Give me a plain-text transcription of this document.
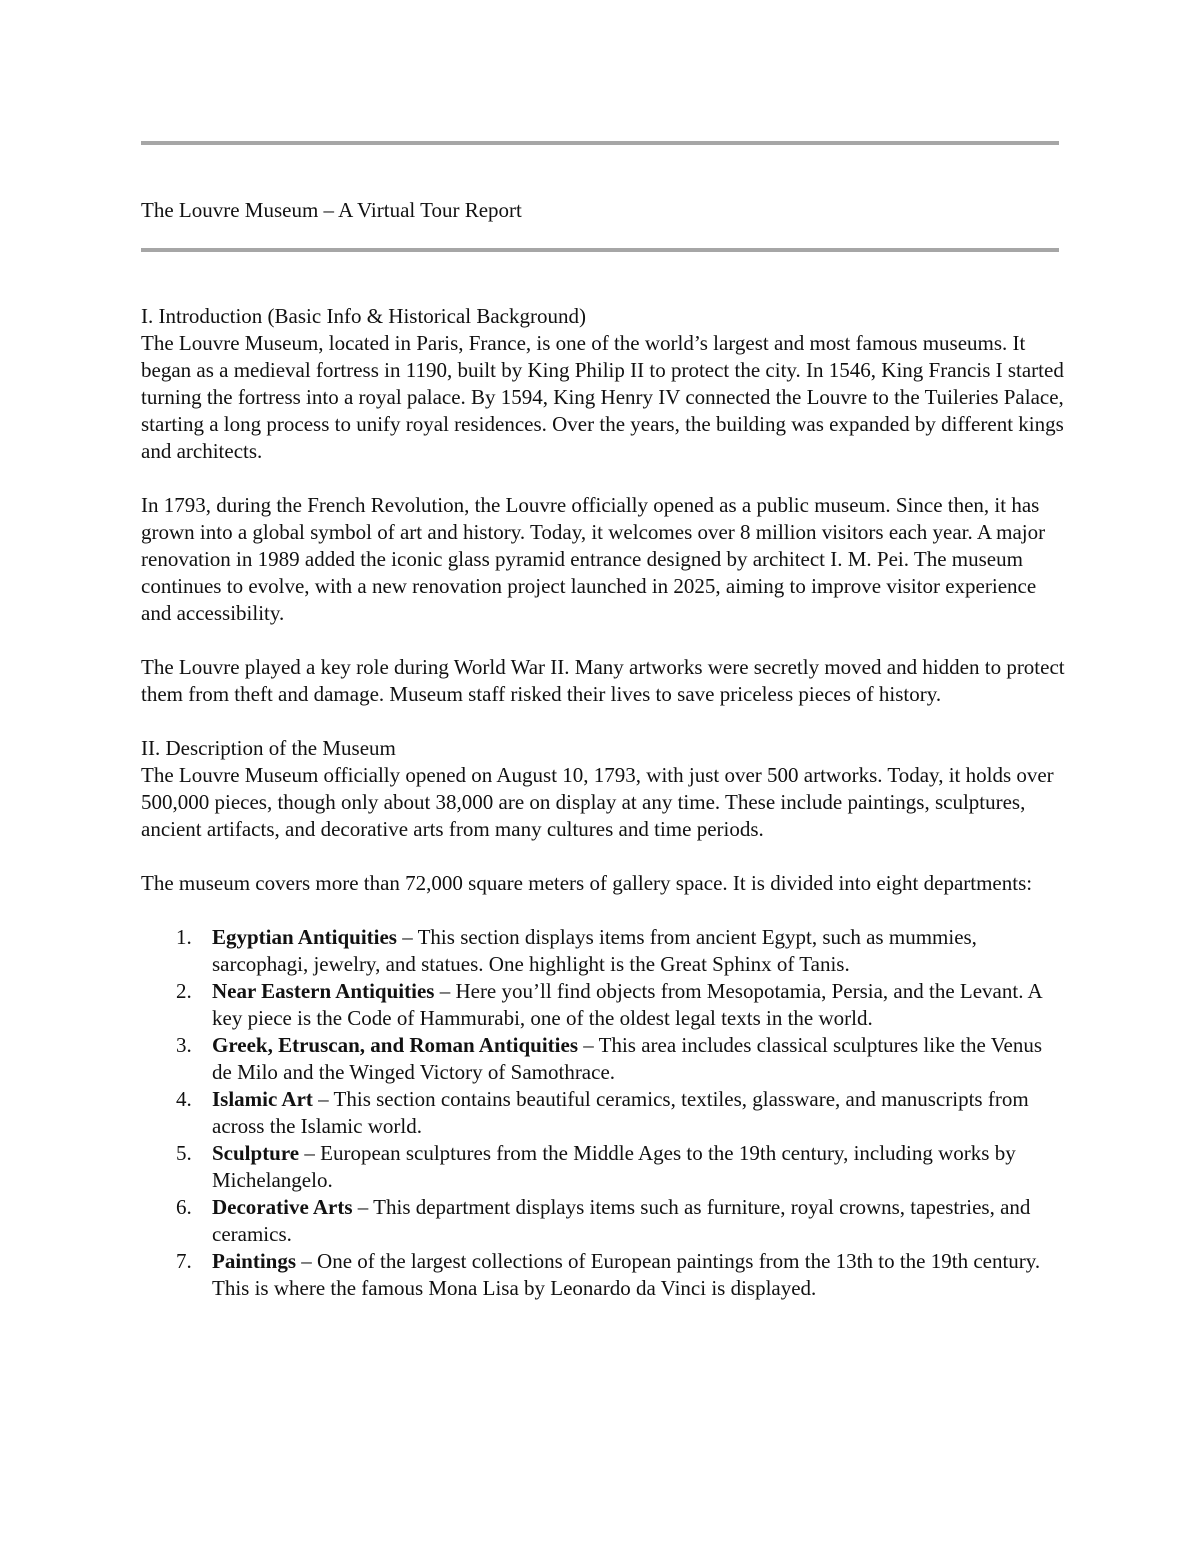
The Louvre Museum – A Virtual Tour Report

I. Introduction (Basic Info & Historical Background)
The Louvre Museum, located in Paris, France, is one of the world’s largest and most famous museums. It began as a medieval fortress in 1190, built by King Philip II to protect the city. In 1546, King Francis I started turning the fortress into a royal palace. By 1594, King Henry IV connected the Louvre to the Tuileries Palace, starting a long process to unify royal residences. Over the years, the building was expanded by different kings and architects.

In 1793, during the French Revolution, the Louvre officially opened as a public museum. Since then, it has grown into a global symbol of art and history. Today, it welcomes over 8 million visitors each year. A major renovation in 1989 added the iconic glass pyramid entrance designed by architect I. M. Pei. The museum continues to evolve, with a new renovation project launched in 2025, aiming to improve visitor experience and accessibility.

The Louvre played a key role during World War II. Many artworks were secretly moved and hidden to protect them from theft and damage. Museum staff risked their lives to save priceless pieces of history.

II. Description of the Museum
The Louvre Museum officially opened on August 10, 1793, with just over 500 artworks. Today, it holds over 500,000 pieces, though only about 38,000 are on display at any time. These include paintings, sculptures, ancient artifacts, and decorative arts from many cultures and time periods.

The museum covers more than 72,000 square meters of gallery space. It is divided into eight departments:

1. Egyptian Antiquities – This section displays items from ancient Egypt, such as mummies, sarcophagi, jewelry, and statues. One highlight is the Great Sphinx of Tanis.
2. Near Eastern Antiquities – Here you’ll find objects from Mesopotamia, Persia, and the Levant. A key piece is the Code of Hammurabi, one of the oldest legal texts in the world.
3. Greek, Etruscan, and Roman Antiquities – This area includes classical sculptures like the Venus de Milo and the Winged Victory of Samothrace.
4. Islamic Art – This section contains beautiful ceramics, textiles, glassware, and manuscripts from across the Islamic world.
5. Sculpture – European sculptures from the Middle Ages to the 19th century, including works by Michelangelo.
6. Decorative Arts – This department displays items such as furniture, royal crowns, tapestries, and ceramics.
7. Paintings – One of the largest collections of European paintings from the 13th to the 19th century. This is where the famous Mona Lisa by Leonardo da Vinci is displayed.
